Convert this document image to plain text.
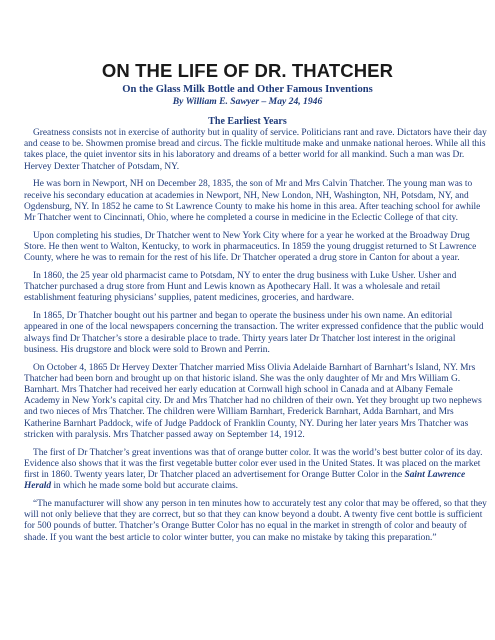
ON THE LIFE OF DR. THATCHER
On the Glass Milk Bottle and Other Famous Inventions
By William E. Sawyer – May 24, 1946
The Earliest Years

Greatness consists not in exercise of authority but in quality of service. Politicians rant and rave. Dictators have their day and cease to be. Showmen promise bread and circus. The fickle multitude make and unmake national heroes. While all this takes place, the quiet inventor sits in his laboratory and dreams of a better world for all mankind. Such a man was Dr. Hervey Dexter Thatcher of Potsdam, NY.

He was born in Newport, NH on December 28, 1835, the son of Mr and Mrs Calvin Thatcher. The young man was to receive his secondary education at academies in Newport, NH, New London, NH, Washington, NH, Potsdam, NY, and Ogdensburg, NY. In 1852 he came to St Lawrence County to make his home in this area. After teaching school for awhile Mr Thatcher went to Cincinnati, Ohio, where he completed a course in medicine in the Eclectic College of that city.

Upon completing his studies, Dr Thatcher went to New York City where for a year he worked at the Broadway Drug Store. He then went to Walton, Kentucky, to work in pharmaceutics. In 1859 the young druggist returned to St Lawrence County, where he was to remain for the rest of his life. Dr Thatcher operated a drug store in Canton for about a year.

In 1860, the 25 year old pharmacist came to Potsdam, NY to enter the drug business with Luke Usher. Usher and Thatcher purchased a drug store from Hunt and Lewis known as Apothecary Hall. It was a wholesale and retail establishment featuring physicians’ supplies, patent medicines, groceries, and hardware.

In 1865, Dr Thatcher bought out his partner and began to operate the business under his own name. An editorial appeared in one of the local newspapers concerning the transaction. The writer expressed confidence that the public would always find Dr Thatcher’s store a desirable place to trade. Thirty years later Dr Thatcher lost interest in the original business. His drugstore and block were sold to Brown and Perrin.

On October 4, 1865 Dr Hervey Dexter Thatcher married Miss Olivia Adelaide Barnhart of Barnhart’s Island, NY. Mrs Thatcher had been born and brought up on that historic island. She was the only daughter of Mr and Mrs William G. Barnhart. Mrs Thatcher had received her early education at Cornwall high school in Canada and at Albany Female Academy in New York’s capital city. Dr and Mrs Thatcher had no children of their own. Yet they brought up two nephews and two nieces of Mrs Thatcher. The children were William Barnhart, Frederick Barnhart, Adda Barnhart, and Mrs Katherine Barnhart Paddock, wife of Judge Paddock of Franklin County, NY. During her later years Mrs Thatcher was stricken with paralysis. Mrs Thatcher passed away on September 14, 1912.

The first of Dr Thatcher’s great inventions was that of orange butter color. It was the world’s best butter color of its day. Evidence also shows that it was the first vegetable butter color ever used in the United States. It was placed on the market first in 1860. Twenty years later, Dr Thatcher placed an advertisement for Orange Butter Color in the Saint Lawrence Herald in which he made some bold but accurate claims.

“The manufacturer will show any person in ten minutes how to accurately test any color that may be offered, so that they will not only believe that they are correct, but so that they can know beyond a doubt. A twenty five cent bottle is sufficient for 500 pounds of butter. Thatcher’s Orange Butter Color has no equal in the market in strength of color and beauty of shade. If you want the best article to color winter butter, you can make no mistake by taking this preparation.”
